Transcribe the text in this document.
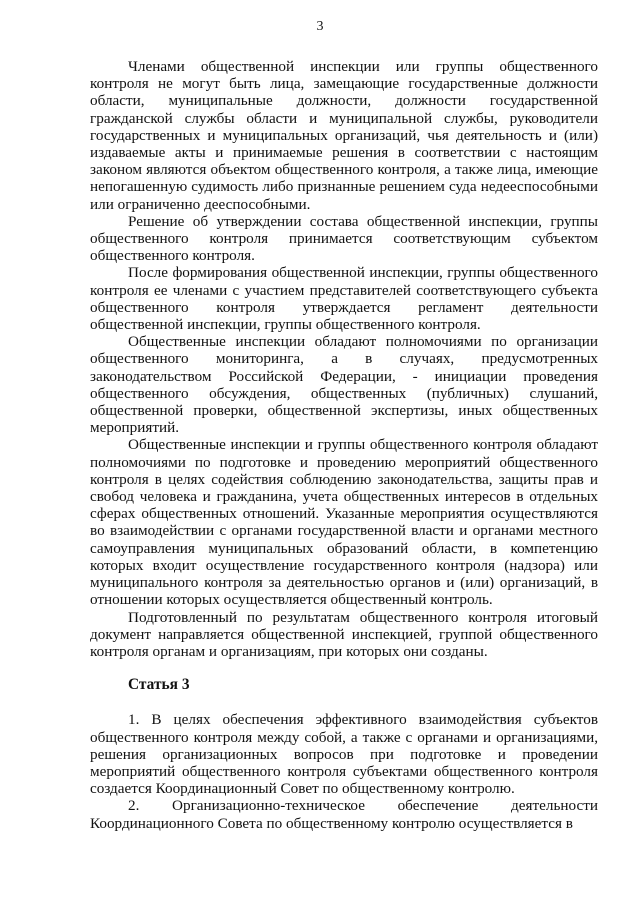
3

Членами общественной инспекции или группы общественного контроля не могут быть лица, замещающие государственные должности области, муниципальные должности, должности государственной гражданской службы области и муниципальной службы, руководители государственных и муниципальных организаций, чья деятельность и (или) издаваемые акты и принимаемые решения в соответствии с настоящим законом являются объектом общественного контроля, а также лица, имеющие непогашенную судимость либо признанные решением суда недееспособными или ограниченно дееспособными.

Решение об утверждении состава общественной инспекции, группы общественного контроля принимается соответствующим субъектом общественного контроля.

После формирования общественной инспекции, группы общественного контроля ее членами с участием представителей соответствующего субъекта общественного контроля утверждается регламент деятельности общественной инспекции, группы общественного контроля.

Общественные инспекции обладают полномочиями по организации общественного мониторинга, а в случаях, предусмотренных законодательством Российской Федерации, - инициации проведения общественного обсуждения, общественных (публичных) слушаний, общественной проверки, общественной экспертизы, иных общественных мероприятий.

Общественные инспекции и группы общественного контроля обладают полномочиями по подготовке и проведению мероприятий общественного контроля в целях содействия соблюдению законодательства, защиты прав и свобод человека и гражданина, учета общественных интересов в отдельных сферах общественных отношений. Указанные мероприятия осуществляются во взаимодействии с органами государственной власти и органами местного самоуправления муниципальных образований области, в компетенцию которых входит осуществление государственного контроля (надзора) или муниципального контроля за деятельностью органов и (или) организаций, в отношении которых осуществляется общественный контроль.

Подготовленный по результатам общественного контроля итоговый документ направляется общественной инспекцией, группой общественного контроля органам и организациям, при которых они созданы.

Статья 3

1. В целях обеспечения эффективного взаимодействия субъектов общественного контроля между собой, а также с органами и организациями, решения организационных вопросов при подготовке и проведении мероприятий общественного контроля субъектами общественного контроля создается Координационный Совет по общественному контролю.

2. Организационно-техническое обеспечение деятельности Координационного Совета по общественному контролю осуществляется в
